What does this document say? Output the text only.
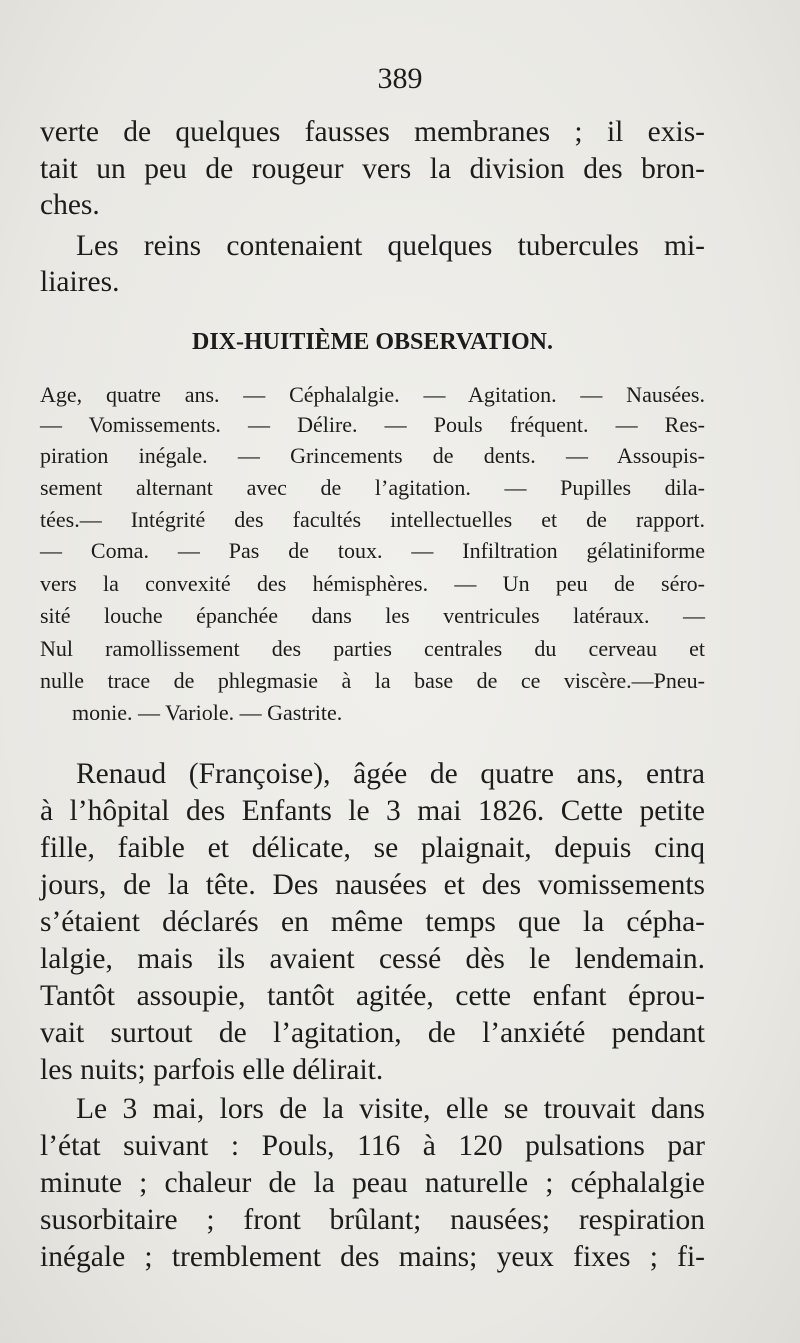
389
verte de quelques fausses membranes ; il exis-
tait un peu de rougeur vers la division des bron-
ches.
Les reins contenaient quelques tubercules mi-
liaires.
DIX-HUITIÈME OBSERVATION.
Age, quatre ans. — Céphalalgie. — Agitation. — Nausées.
— Vomissements. — Délire. — Pouls fréquent. — Res-
piration inégale. — Grincements de dents. — Assoupis-
sement alternant avec de l’agitation. — Pupilles dila-
tées.— Intégrité des facultés intellectuelles et de rapport.
— Coma. — Pas de toux. — Infiltration gélatiniforme
vers la convexité des hémisphères. — Un peu de séro-
sité louche épanchée dans les ventricules latéraux. —
Nul ramollissement des parties centrales du cerveau et
nulle trace de phlegmasie à la base de ce viscère.—Pneu-
monie. — Variole. — Gastrite.
Renaud (Françoise), âgée de quatre ans, entra
à l’hôpital des Enfants le 3 mai 1826. Cette petite
fille, faible et délicate, se plaignait, depuis cinq
jours, de la tête. Des nausées et des vomissements
s’étaient déclarés en même temps que la cépha-
lalgie, mais ils avaient cessé dès le lendemain.
Tantôt assoupie, tantôt agitée, cette enfant éprou-
vait surtout de l’agitation, de l’anxiété pendant
les nuits; parfois elle délirait.
Le 3 mai, lors de la visite, elle se trouvait dans
l’état suivant : Pouls, 116 à 120 pulsations par
minute ; chaleur de la peau naturelle ; céphalalgie
susorbitaire ; front brûlant; nausées; respiration
inégale ; tremblement des mains; yeux fixes ; fi-
